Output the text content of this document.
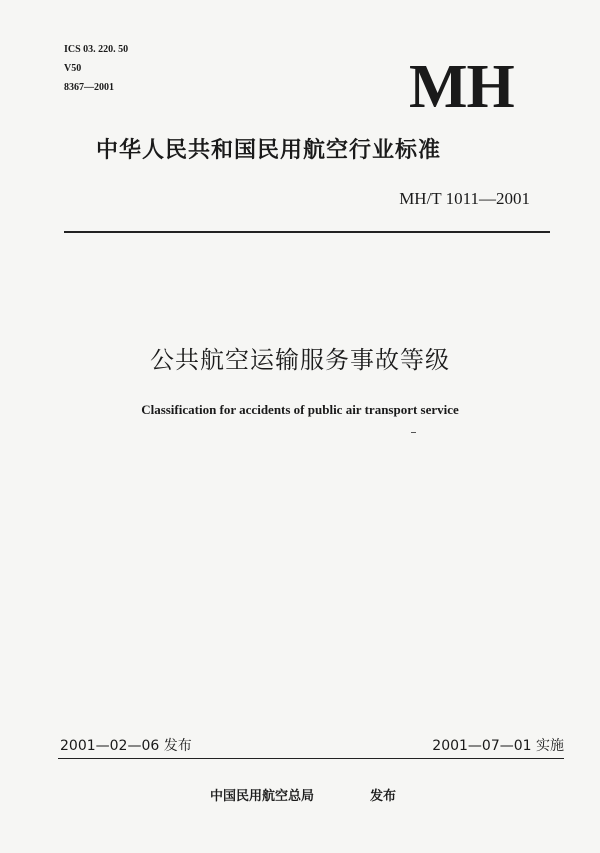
ICS 03. 220. 50
V50
8367—2001	MH
中华人民共和国民用航空行业标准
MH/T 1011—2001
公共航空运输服务事故等级
Classification for accidents of public air transport service
2001—02—06 发布	2001—07—01 实施
中国民用航空总局	发布
